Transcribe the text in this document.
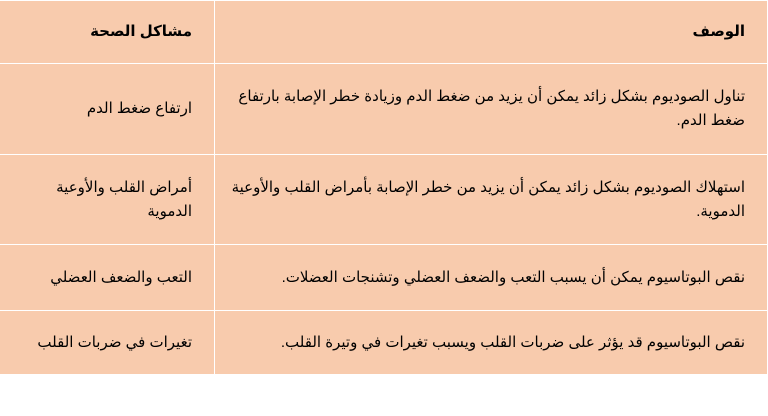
الوصف	مشاكل الصحة
تناول الصوديوم بشكل زائد يمكن أن يزيد من ضغط الدم وزيادة خطر الإصابة بارتفاع ضغط الدم.	ارتفاع ضغط الدم
استهلاك الصوديوم بشكل زائد يمكن أن يزيد من خطر الإصابة بأمراض القلب والأوعية الدموية.	أمراض القلب والأوعية الدموية
نقص البوتاسيوم يمكن أن يسبب التعب والضعف العضلي وتشنجات العضلات.	التعب والضعف العضلي
نقص البوتاسيوم قد يؤثر على ضربات القلب ويسبب تغيرات في وتيرة القلب.	تغيرات في ضربات القلب
